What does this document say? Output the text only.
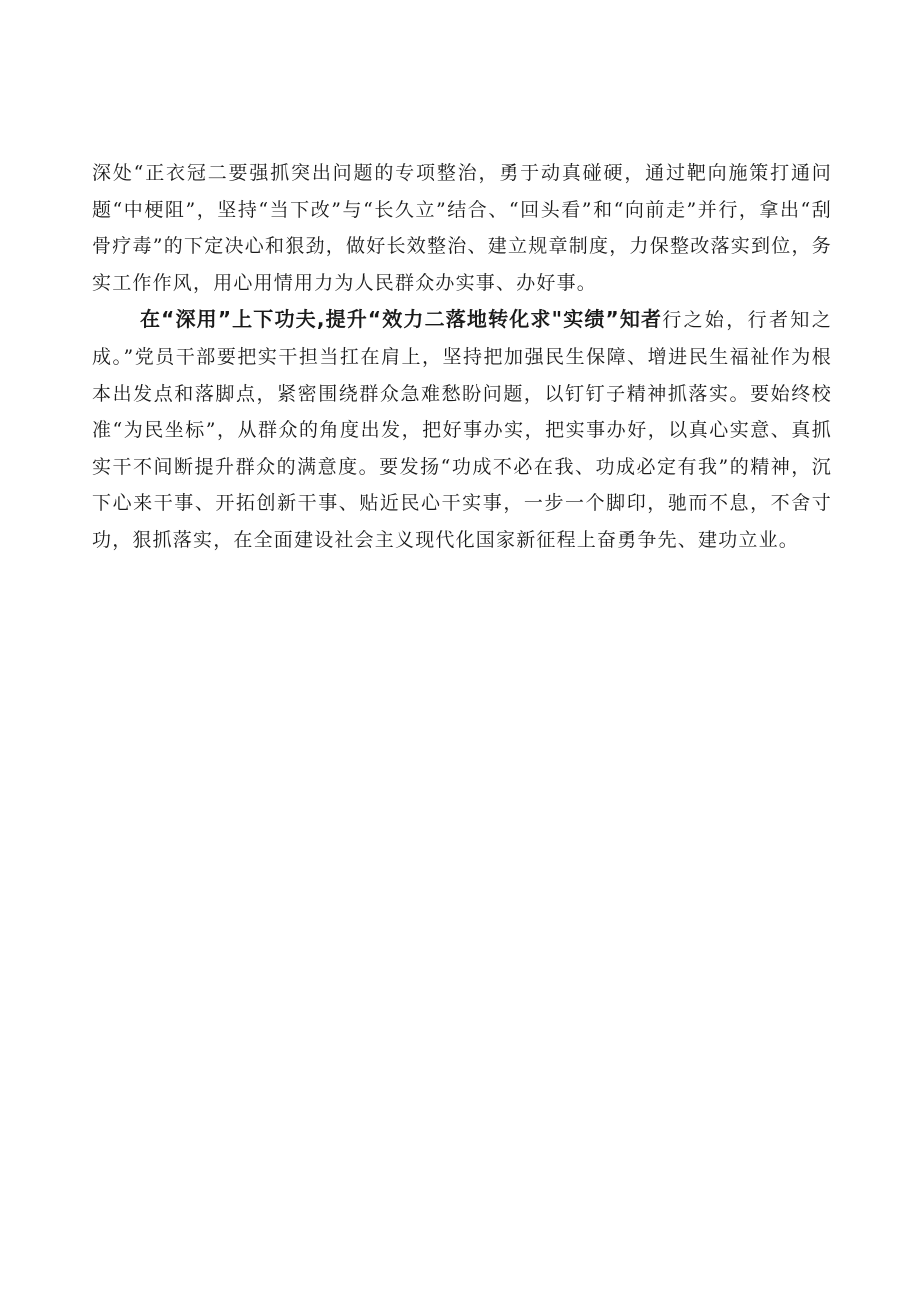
深处“正衣冠二要强抓突出问题的专项整治，勇于动真碰硬，通过靶向施策打通问题“中梗阻”，坚持“当下改”与“长久立”结合、“回头看”和“向前走”并行，拿出“刮骨疗毒”的下定决心和狠劲，做好长效整治、建立规章制度，力保整改落实到位，务实工作作风，用心用情用力为人民群众办实事、办好事。

在“深用”上下功夫,提升“效力二落地转化求"实绩”知者行之始，行者知之成。”党员干部要把实干担当扛在肩上，坚持把加强民生保障、增进民生福祉作为根本出发点和落脚点，紧密围绕群众急难愁盼问题，以钉钉子精神抓落实。要始终校准“为民坐标”，从群众的角度出发，把好事办实，把实事办好，以真心实意、真抓实干不间断提升群众的满意度。要发扬“功成不必在我、功成必定有我”的精神，沉下心来干事、开拓创新干事、贴近民心干实事，一步一个脚印，驰而不息，不舍寸功，狠抓落实，在全面建设社会主义现代化国家新征程上奋勇争先、建功立业。
